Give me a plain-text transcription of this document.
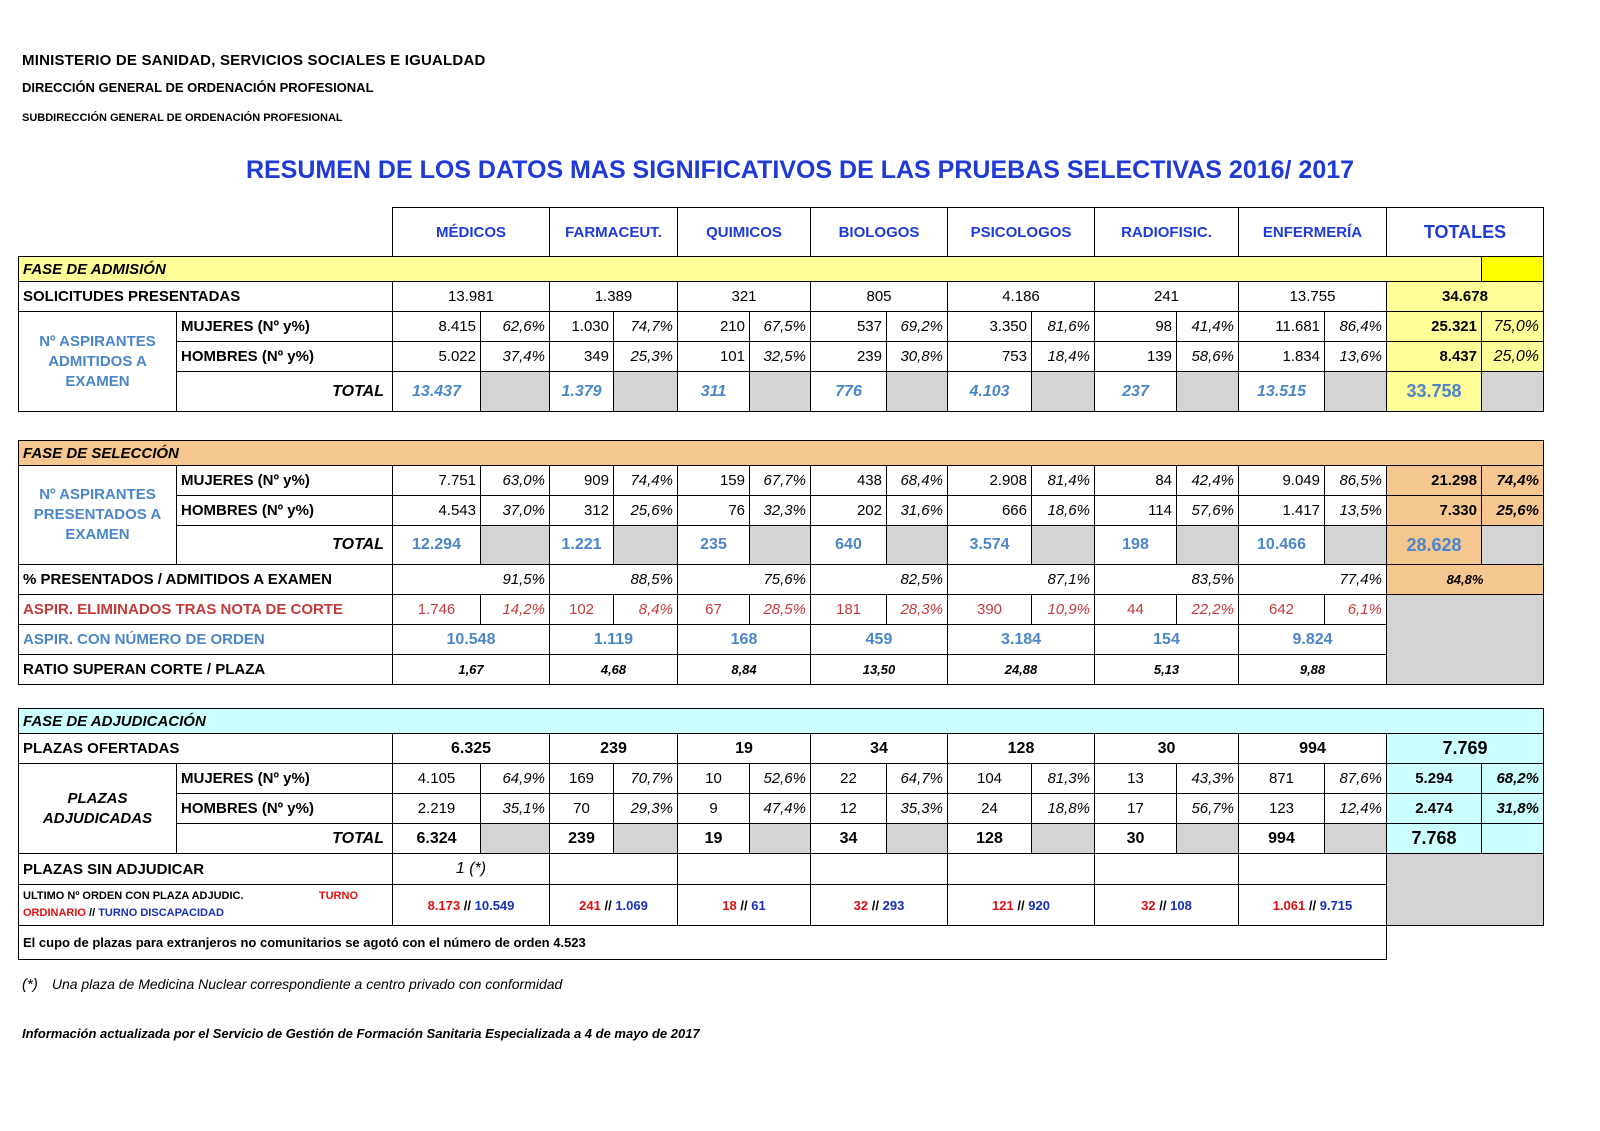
MINISTERIO DE SANIDAD, SERVICIOS SOCIALES E IGUALDAD
DIRECCIÓN GENERAL DE ORDENACIÓN PROFESIONAL
SUBDIRECCIÓN GENERAL DE ORDENACIÓN PROFESIONAL
RESUMEN DE LOS DATOS MAS SIGNIFICATIVOS DE LAS PRUEBAS SELECTIVAS 2016/ 2017
		MÉDICOS		FARMACEUT.		QUIMICOS		BIOLOGOS		PSICOLOGOS		RADIOFISIC.		ENFERMERÍA		TOTALES	
FASE DE ADMISIÓN																	
SOLICITUDES PRESENTADAS		13.981		1.389		321		805		4.186		241		13.755		34.678	
Nº ASPIRANTES ADMITIDOS A EXAMEN	MUJERES (Nº y%)	8.415	62,6%	1.030	74,7%	210	67,5%	537	69,2%	3.350	81,6%	98	41,4%	11.681	86,4%	25.321	75,0%
	HOMBRES (Nº y%)	5.022	37,4%	349	25,3%	101	32,5%	239	30,8%	753	18,4%	139	58,6%	1.834	13,6%	8.437	25,0%
	TOTAL	13.437		1.379		311		776		4.103		237		13.515		33.758	
FASE DE SELECCIÓN																	
Nº ASPIRANTES PRESENTADOS A EXAMEN	MUJERES (Nº y%)	7.751	63,0%	909	74,4%	159	67,7%	438	68,4%	2.908	81,4%	84	42,4%	9.049	86,5%	21.298	74,4%
	HOMBRES (Nº y%)	4.543	37,0%	312	25,6%	76	32,3%	202	31,6%	666	18,6%	114	57,6%	1.417	13,5%	7.330	25,6%
	TOTAL	12.294		1.221		235		640		3.574		198		10.466		28.628	
% PRESENTADOS / ADMITIDOS A EXAMEN		91,5%		88,5%		75,6%		82,5%		87,1%		83,5%		77,4%		84,8%	
ASPIR. ELIMINADOS TRAS NOTA DE CORTE		1.746	14,2%	102	8,4%	67	28,5%	181	28,3%	390	10,9%	44	22,2%	642	6,1%		
ASPIR. CON NÚMERO DE ORDEN		10.548		1.119		168		459		3.184		154		9.824			
RATIO SUPERAN CORTE / PLAZA		1,67		4,68		8,84		13,50		24,88		5,13		9,88			
FASE DE ADJUDICACIÓN																	
PLAZAS OFERTADAS		6.325		239		19		34		128		30		994		7.769	
PLAZAS ADJUDICADAS	MUJERES (Nº y%)	4.105	64,9%	169	70,7%	10	52,6%	22	64,7%	104	81,3%	13	43,3%	871	87,6%	5.294	68,2%
	HOMBRES (Nº y%)	2.219	35,1%	70	29,3%	9	47,4%	12	35,3%	24	18,8%	17	56,7%	123	12,4%	2.474	31,8%
	TOTAL	6.324		239		19		34		128		30		994		7.768	
PLAZAS SIN ADJUDICAR		1 (*)															
ULTIMO Nº ORDEN CON PLAZA ADJUDIC. TURNO

ORDINARIO // TURNO DISCAPACIDAD		8.173 // 10.549		241 // 1.069		18 // 61		32 // 293		121 // 920		32 // 108		1.061 // 9.715			
El cupo de plazas para extranjeros no comunitarios se agotó con el número de orden 4.523																	
(*) Una plaza de Medicina Nuclear correspondiente a centro privado con conformidad
Información actualizada por el Servicio de Gestión de Formación Sanitaria Especializada a 4 de mayo de 2017
